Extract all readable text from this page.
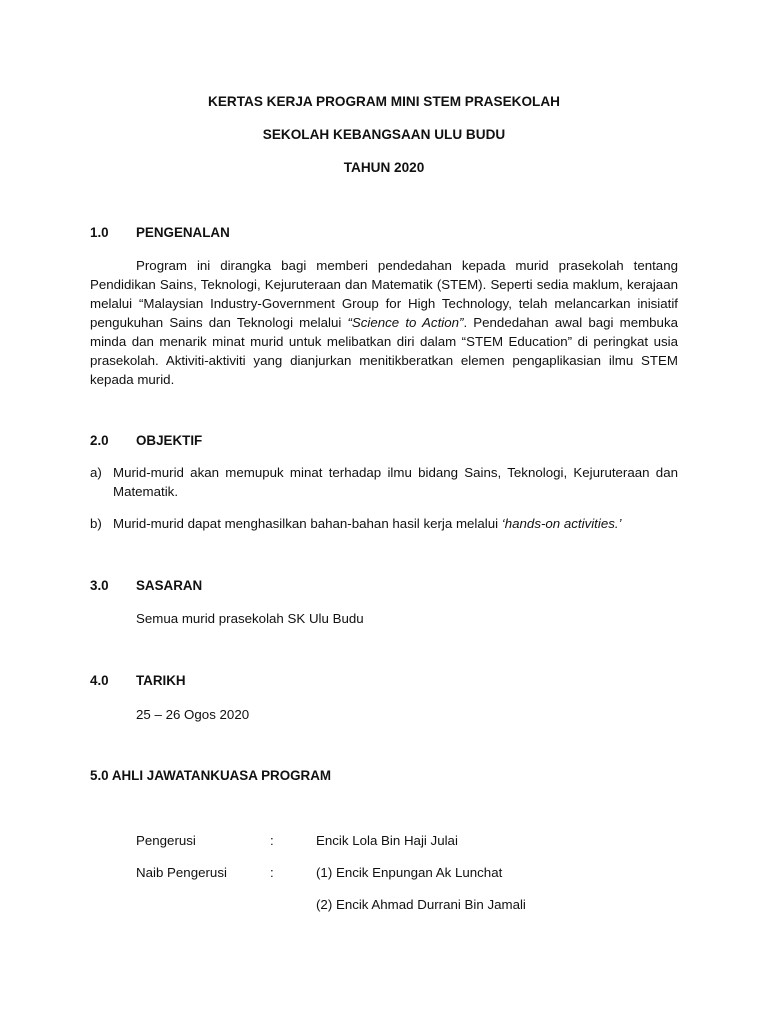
KERTAS KERJA PROGRAM MINI STEM PRASEKOLAH
SEKOLAH KEBANGSAAN ULU BUDU
TAHUN 2020
1.0 PENGENALAN

Program ini dirangka bagi memberi pendedahan kepada murid prasekolah tentang Pendidikan Sains, Teknologi, Kejuruteraan dan Matematik (STEM). Seperti sedia maklum, kerajaan melalui “Malaysian Industry-Government Group for High Technology, telah melancarkan inisiatif pengukuhan Sains dan Teknologi melalui “Science to Action”. Pendedahan awal bagi membuka minda dan menarik minat murid untuk melibatkan diri dalam “STEM Education” di peringkat usia prasekolah. Aktiviti-aktiviti yang dianjurkan menitikberatkan elemen pengaplikasian ilmu STEM kepada murid.

2.0 OBJEKTIF
a) Murid-murid akan memupuk minat terhadap ilmu bidang Sains, Teknologi, Kejuruteraan dan Matematik.
b) Murid-murid dapat menghasilkan bahan-bahan hasil kerja melalui ‘hands-on activities.’
3.0 SASARAN
Semua murid prasekolah SK Ulu Budu
4.0 TARIKH
25 – 26 Ogos 2020
5.0 AHLI JAWATANKUASA PROGRAM
Pengerusi	:	Encik Lola Bin Haji Julai
Naib Pengerusi	:	(1) Encik Enpungan Ak Lunchat
(2) Encik Ahmad Durrani Bin Jamali
